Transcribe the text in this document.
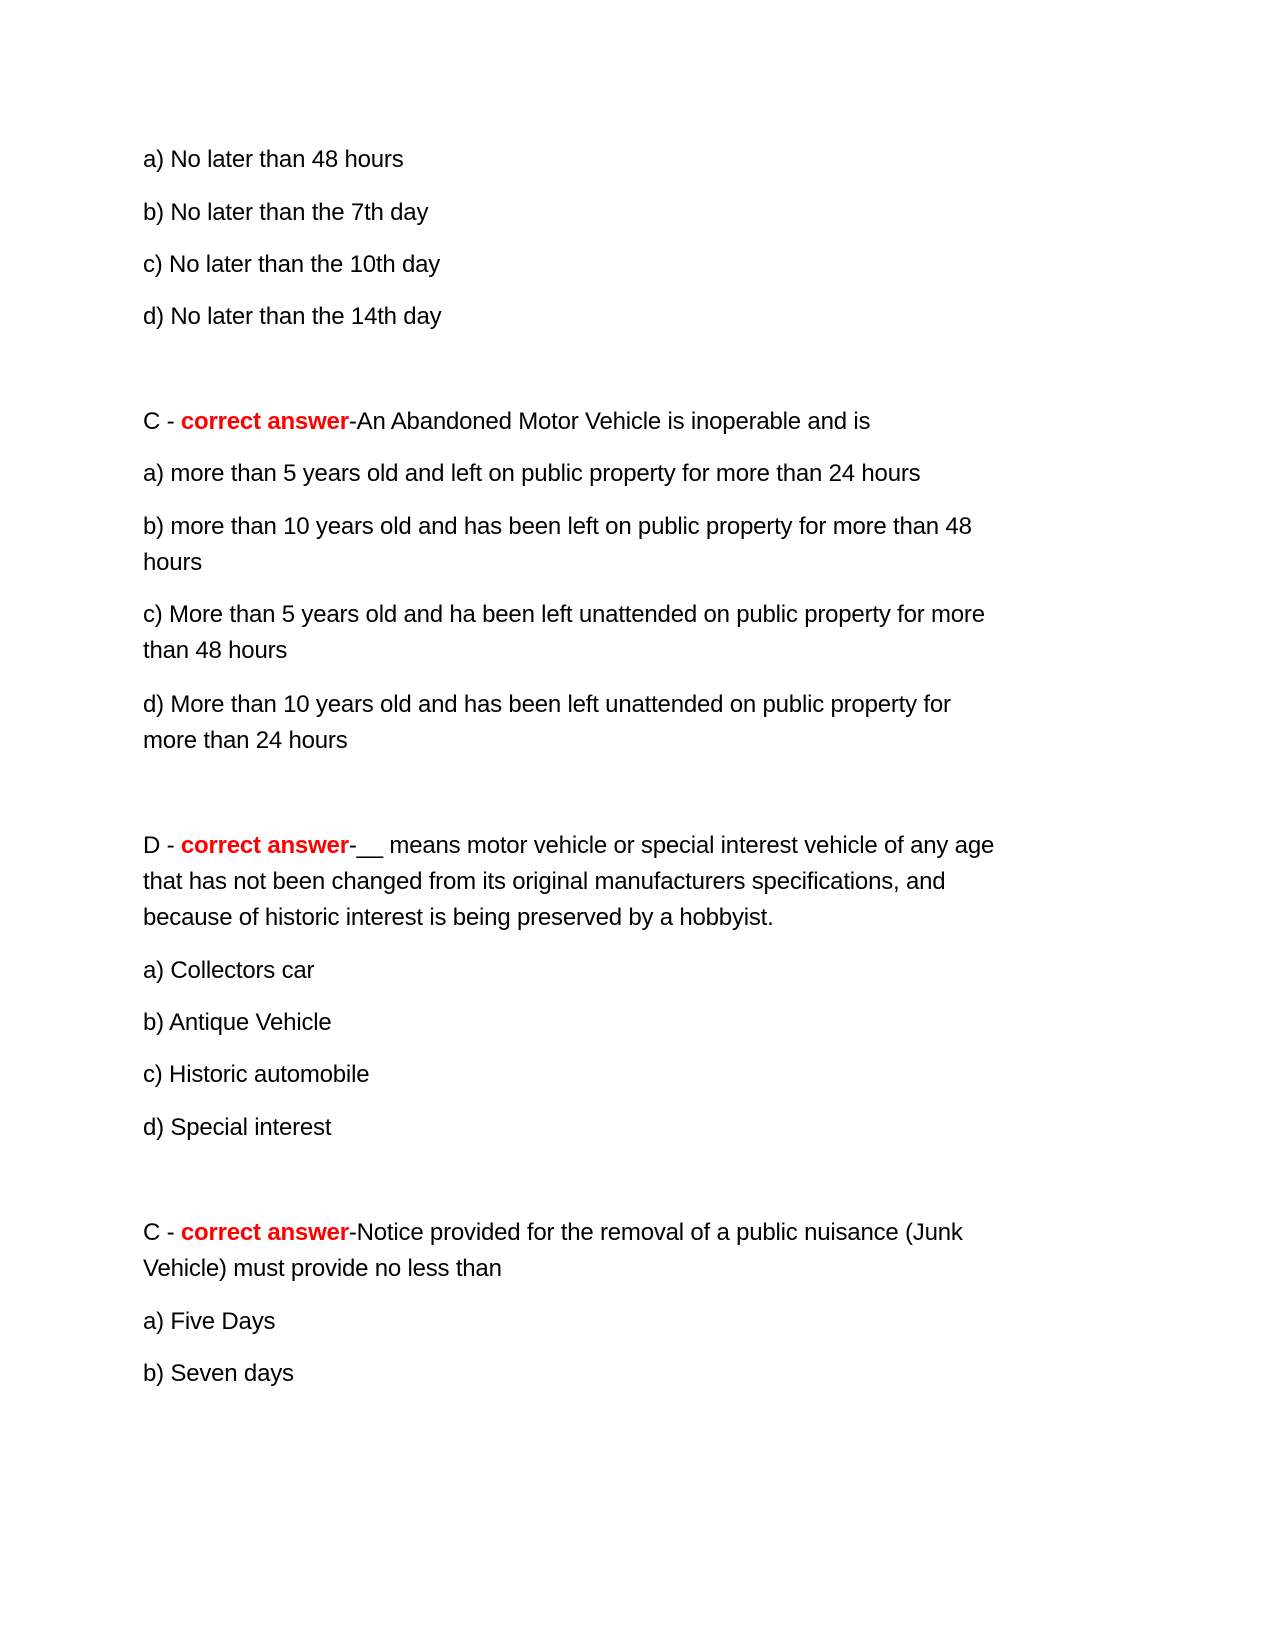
a) No later than 48 hours
b) No later than the 7th day
c) No later than the 10th day
d) No later than the 14th day
C - correct answer-An Abandoned Motor Vehicle is inoperable and is
a) more than 5 years old and left on public property for more than 24 hours
b) more than 10 years old and has been left on public property for more than 48
hours
c) More than 5 years old and ha been left unattended on public property for more
than 48 hours
d) More than 10 years old and has been left unattended on public property for
more than 24 hours
D - correct answer-__ means motor vehicle or special interest vehicle of any age
that has not been changed from its original manufacturers specifications, and
because of historic interest is being preserved by a hobbyist.
a) Collectors car
b) Antique Vehicle
c) Historic automobile
d) Special interest
C - correct answer-Notice provided for the removal of a public nuisance (Junk
Vehicle) must provide no less than
a) Five Days
b) Seven days
